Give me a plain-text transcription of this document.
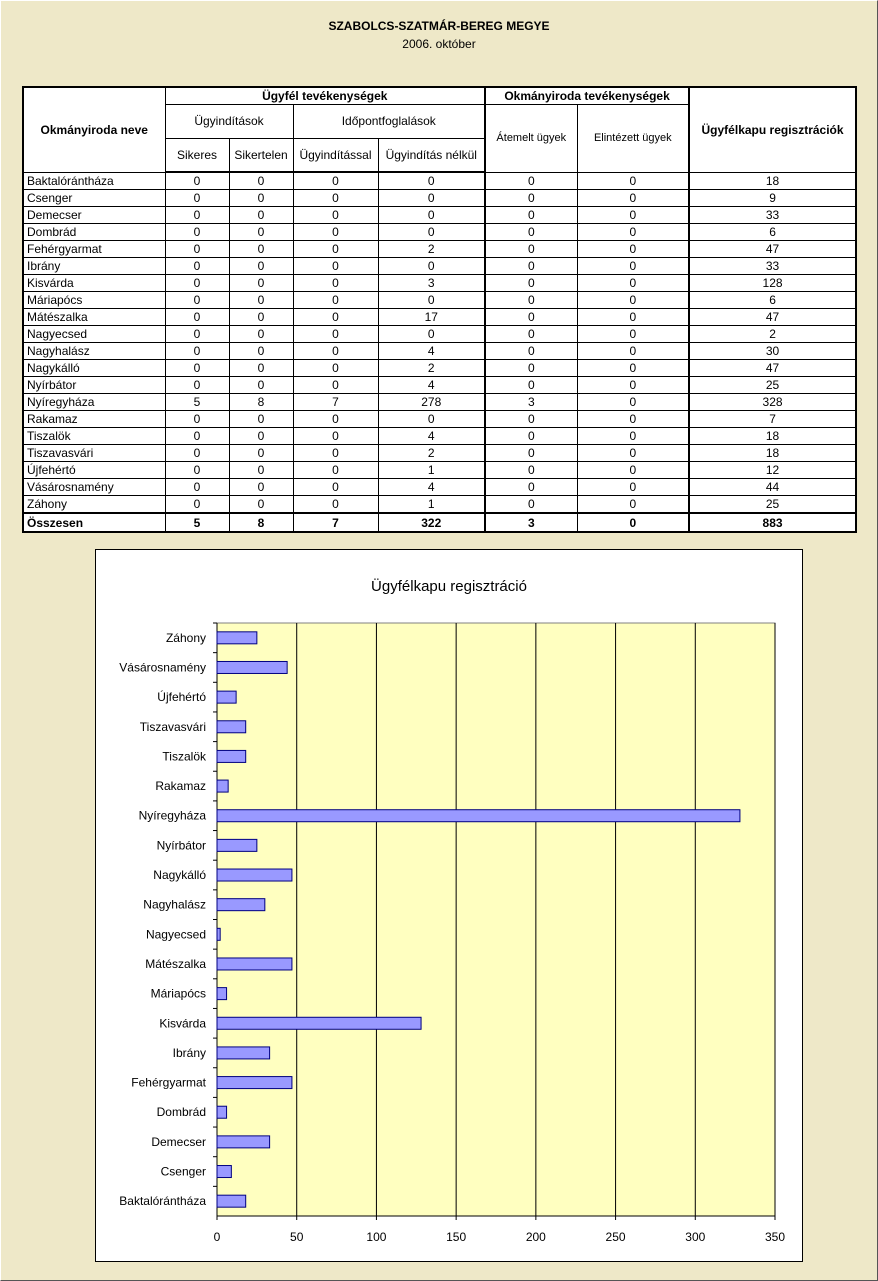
SZABOLCS-SZATMÁR-BEREG MEGYE
2006. október
Okmányiroda neve	Ügyfél tevékenységek				Okmányiroda tevékenységek		Ügyfélkapu regisztrációk
	Ügyindítások		Időpontfoglalások		Átemelt ügyek	Elintézett ügyek	
	Sikeres	Sikertelen	Ügyindítással	Ügyindítás nélkül			
Baktalórántháza	0	0	0	0	0	0	18
Csenger	0	0	0	0	0	0	9
Demecser	0	0	0	0	0	0	33
Dombrád	0	0	0	0	0	0	6
Fehérgyarmat	0	0	0	2	0	0	47
Ibrány	0	0	0	0	0	0	33
Kisvárda	0	0	0	3	0	0	128
Máriapócs	0	0	0	0	0	0	6
Mátészalka	0	0	0	17	0	0	47
Nagyecsed	0	0	0	0	0	0	2
Nagyhalász	0	0	0	4	0	0	30
Nagykálló	0	0	0	2	0	0	47
Nyírbátor	0	0	0	4	0	0	25
Nyíregyháza	5	8	7	278	3	0	328
Rakamaz	0	0	0	0	0	0	7
Tiszalök	0	0	0	4	0	0	18
Tiszavasvári	0	0	0	2	0	0	18
Újfehértó	0	0	0	1	0	0	12
Vásárosnamény	0	0	0	4	0	0	44
Záhony	0	0	0	1	0	0	25
Összesen	5	8	7	322	3	0	883
Ügyfélkapu regisztráció
0	50	100	150	200	250	300	350
Baktalórántháza
Csenger
Demecser
Dombrád
Fehérgyarmat
Ibrány
Kisvárda
Máriapócs
Mátészalka
Nagyecsed
Nagyhalász
Nagykálló
Nyírbátor
Nyíregyháza
Rakamaz
Tiszalök
Tiszavasvári
Újfehértó
Vásárosnamény
Záhony
